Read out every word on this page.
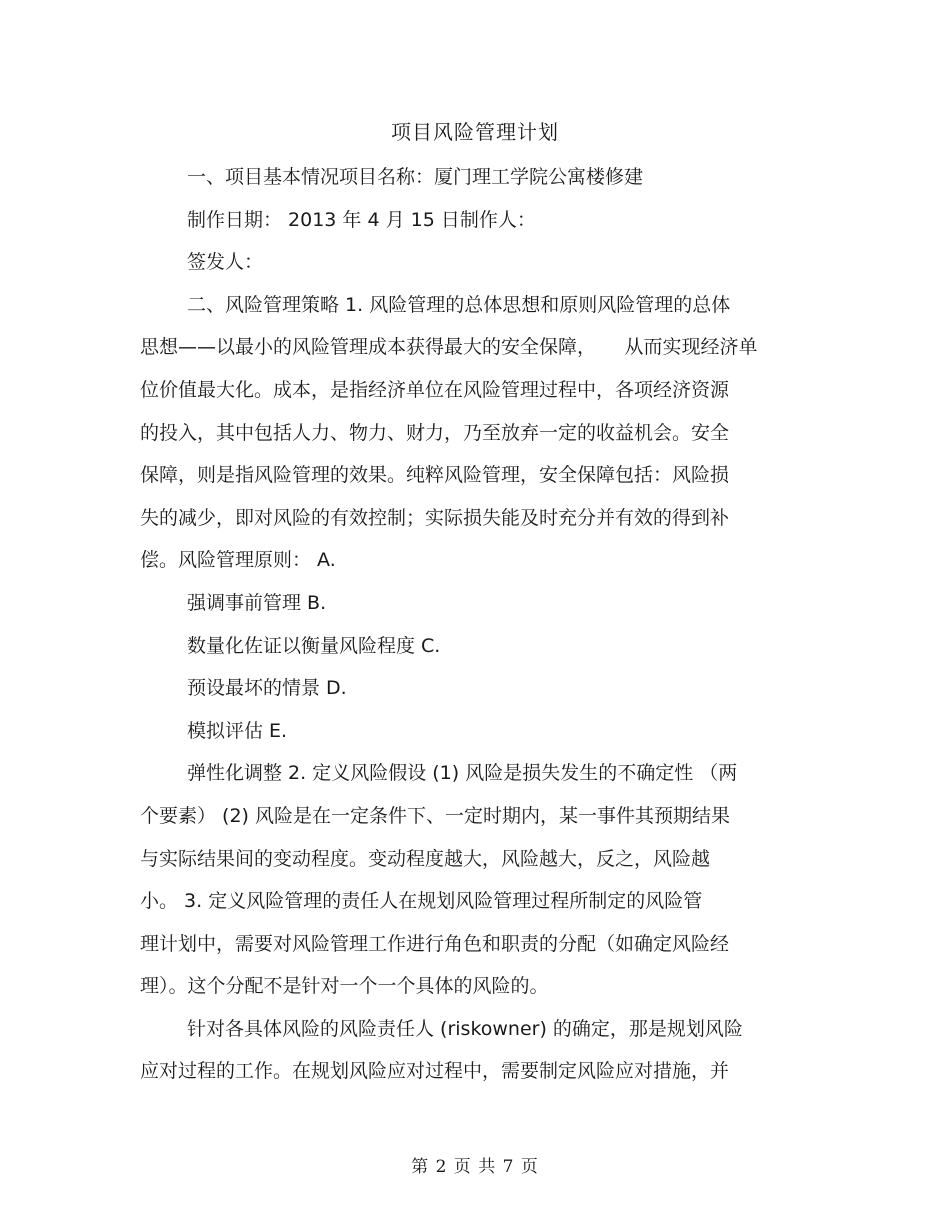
项目风险管理计划
一、项目基本情况项目名称：厦门理工学院公寓楼修建
制作日期： 2013 年 4 月 15 日制作人：
签发人：
二、风险管理策略 1. 风险管理的总体思想和原则风险管理的总体
思想——以最小的风险管理成本获得最大的安全保障，　　从而实现经济单
位价值最大化。成本，是指经济单位在风险管理过程中，各项经济资源
的投入，其中包括人力、物力、财力，乃至放弃一定的收益机会。安全
保障，则是指风险管理的效果。纯粹风险管理，安全保障包括：风险损
失的减少，即对风险的有效控制；实际损失能及时充分并有效的得到补
偿。风险管理原则： A.
强调事前管理 B.
数量化佐证以衡量风险程度 C.
预设最坏的情景 D.
模拟评估 E.
弹性化调整 2. 定义风险假设 (1) 风险是损失发生的不确定性 （两
个要素） (2) 风险是在一定条件下、一定时期内，某一事件其预期结果
与实际结果间的变动程度。变动程度越大，风险越大，反之，风险越
小。 3. 定义风险管理的责任人在规划风险管理过程所制定的风险管
理计划中，需要对风险管理工作进行角色和职责的分配（如确定风险经
理）。这个分配不是针对一个一个具体的风险的。
针对各具体风险的风险责任人 (riskowner) 的确定，那是规划风险
应对过程的工作。在规划风险应对过程中，需要制定风险应对措施，并
第 2 页 共 7 页
